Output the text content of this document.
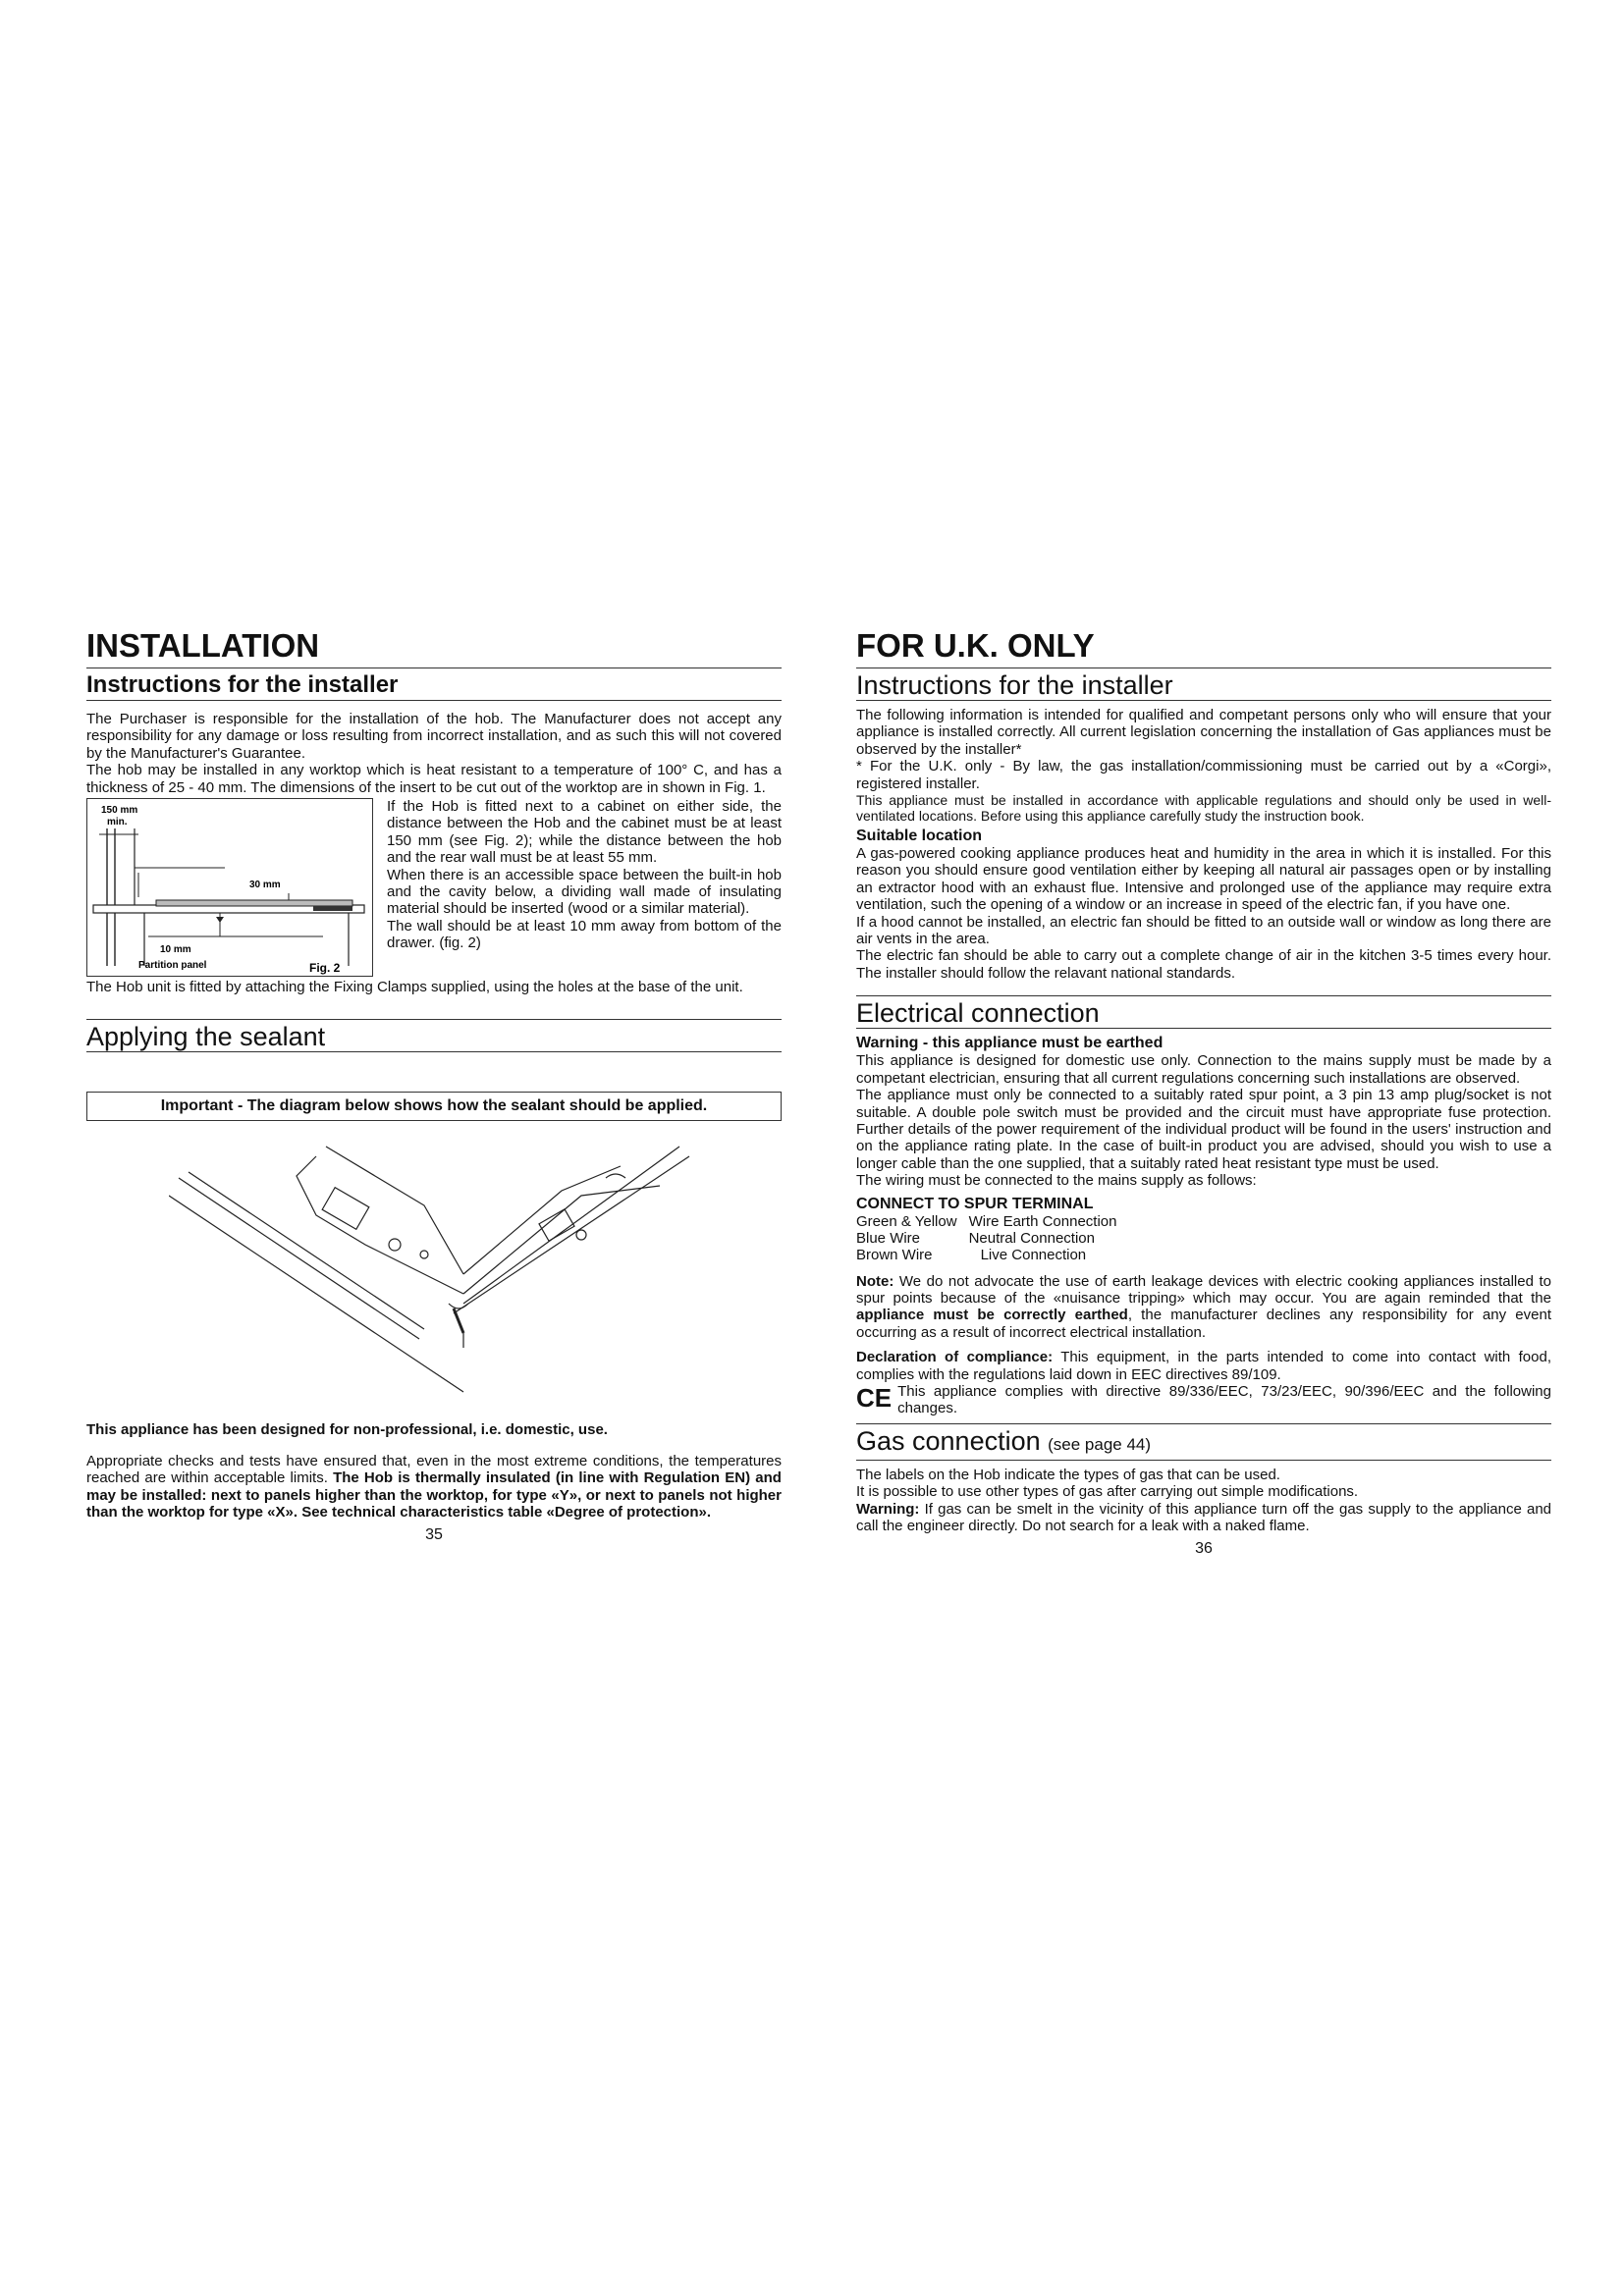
INSTALLATION
Instructions for the installer

The Purchaser is responsible for the installation of the hob. The Manufacturer does not accept any responsibility for any damage or loss resulting from incorrect installation, and as such this will not covered by the Manufacturer's Guarantee.

The hob may be installed in any worktop which is heat resistant to a temperature of 100° C, and has a thickness of 25 - 40 mm. The dimensions of the insert to be cut out of the worktop are in shown in Fig. 1.

150 mm
min.
30 mm
10 mm
Partition panel	Fig. 2

If the Hob is fitted next to a cabinet on either side, the distance between the Hob and the cabinet must be at least 150 mm (see Fig. 2); while the distance between the hob and the rear wall must be at least 55 mm.

When there is an accessible space between the built-in hob and the cavity below, a dividing wall made of insulating material should be inserted (wood or a similar material).

The wall should be at least 10 mm away from bottom of the drawer. (fig. 2)

The Hob unit is fitted by attaching the Fixing Clamps supplied, using the holes at the base of the unit.

Applying the sealant
Important - The diagram below shows how the sealant should be applied.

This appliance has been designed for non-professional, i.e. domestic, use.

Appropriate checks and tests have ensured that, even in the most extreme conditions, the temperatures reached are within acceptable limits. The Hob is thermally insulated (in line with Regulation EN) and may be installed: next to panels higher than the worktop, for type «Y», or next to panels not higher than the worktop for type «X». See technical characteristics table «Degree of protection».

35
FOR U.K. ONLY
Instructions for the installer

The following information is intended for qualified and competant persons only who will ensure that your appliance is installed correctly. All current legislation concerning the installation of Gas appliances must be observed by the installer*

* For the U.K. only - By law, the gas installation/commissioning must be carried out by a «Corgi», registered installer.

This appliance must be installed in accordance with applicable regulations and should only be used in well-ventilated locations. Before using this appliance carefully study the instruction book.

Suitable location

A gas-powered cooking appliance produces heat and humidity in the area in which it is installed. For this reason you should ensure good ventilation either by keeping all natural air passages open or by installing an extractor hood with an exhaust flue. Intensive and prolonged use of the appliance may require extra ventilation, such the opening of a window or an increase in speed of the electric fan, if you have one.

If a hood cannot be installed, an electric fan should be fitted to an outside wall or window as long there are air vents in the area.

The electric fan should be able to carry out a complete change of air in the kitchen 3-5 times every hour. The installer should follow the relavant national standards.

Electrical connection
Warning - this appliance must be earthed

This appliance is designed for domestic use only. Connection to the mains supply must be made by a competant electrician, ensuring that all current regulations concerning such installations are observed.

The appliance must only be connected to a suitably rated spur point, a 3 pin 13 amp plug/socket is not suitable. A double pole switch must be provided and the circuit must have appropriate fuse protection. Further details of the power requirement of the individual product will be found in the users' instruction and on the appliance rating plate. In the case of built-in product you are advised, should you wish to use a longer cable than the one supplied, that a suitably rated heat resistant type must be used.

The wiring must be connected to the mains supply as follows:

CONNECT TO SPUR TERMINAL
Green & Yellow	Wire Earth Connection
Blue Wire	Neutral Connection
Brown Wire	Live Connection

Note: We do not advocate the use of earth leakage devices with electric cooking appliances installed to spur points because of the «nuisance tripping» which may occur. You are again reminded that the appliance must be correctly earthed, the manufacturer declines any responsibility for any event occurring as a result of incorrect electrical installation.

Declaration of compliance: This equipment, in the parts intended to come into contact with food, complies with the regulations laid down in EEC directives 89/109.

CE This appliance complies with directive 89/336/EEC, 73/23/EEC, 90/396/EEC and the following changes.

Gas connection (see page 44)

The labels on the Hob indicate the types of gas that can be used.

It is possible to use other types of gas after carrying out simple modifications.

Warning: If gas can be smelt in the vicinity of this appliance turn off the gas supply to the appliance and call the engineer directly. Do not search for a leak with a naked flame.

36
